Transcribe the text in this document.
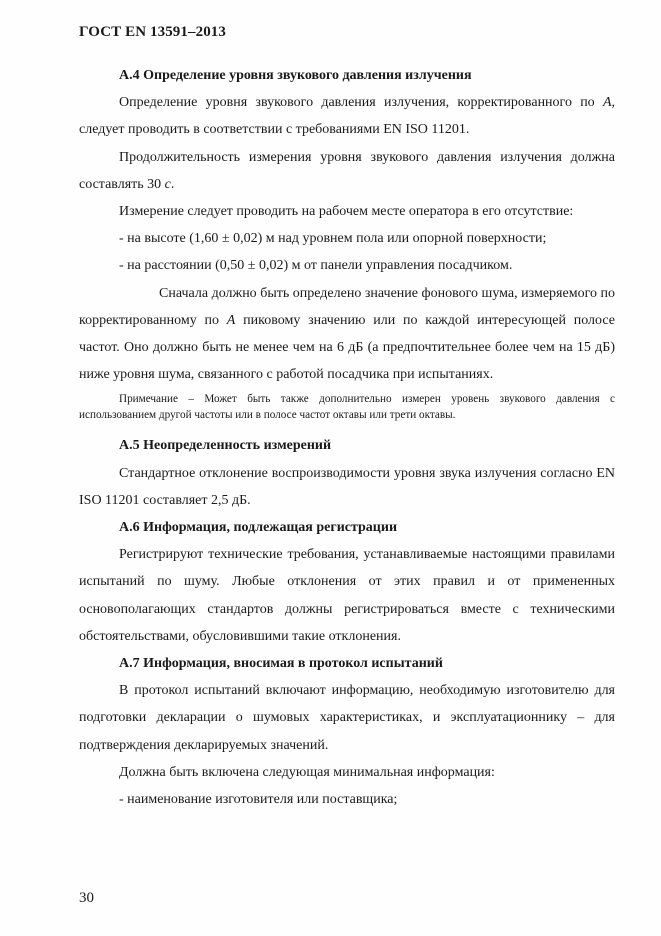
ГОСТ EN 13591–2013

А.4 Определение уровня звукового давления излучения

Определение уровня звукового давления излучения, корректированного по А, следует проводить в соответствии с требованиями EN ISO 11201.

Продолжительность измерения уровня звукового давления излучения должна составлять 30 с.

Измерение следует проводить на рабочем месте оператора в его отсутствие:

- на высоте (1,60 ± 0,02) м над уровнем пола или опорной поверхности;

- на расстоянии (0,50 ± 0,02) м от панели управления посадчиком.

Сначала должно быть определено значение фонового шума, измеряемого по корректированному по А пиковому значению или по каждой интересующей полосе частот. Оно должно быть не менее чем на 6 дБ (а предпочтительнее более чем на 15 дБ) ниже уровня шума, связанного с работой посадчика при испытаниях.

Примечание – Может быть также дополнительно измерен уровень звукового давления с использованием другой частоты или в полосе частот октавы или трети октавы.

А.5 Неопределенность измерений

Стандартное отклонение воспроизводимости уровня звука излучения согласно EN ISO 11201 составляет 2,5 дБ.

А.6 Информация, подлежащая регистрации

Регистрируют технические требования, устанавливаемые настоящими правилами испытаний по шуму. Любые отклонения от этих правил и от примененных основополагающих стандартов должны регистрироваться вместе с техническими обстоятельствами, обусловившими такие отклонения.

А.7 Информация, вносимая в протокол испытаний

В протокол испытаний включают информацию, необходимую изготовителю для подготовки декларации о шумовых характеристиках, и эксплуатационнику – для подтверждения декларируемых значений.

Должна быть включена следующая минимальная информация:

- наименование изготовителя или поставщика;

30
